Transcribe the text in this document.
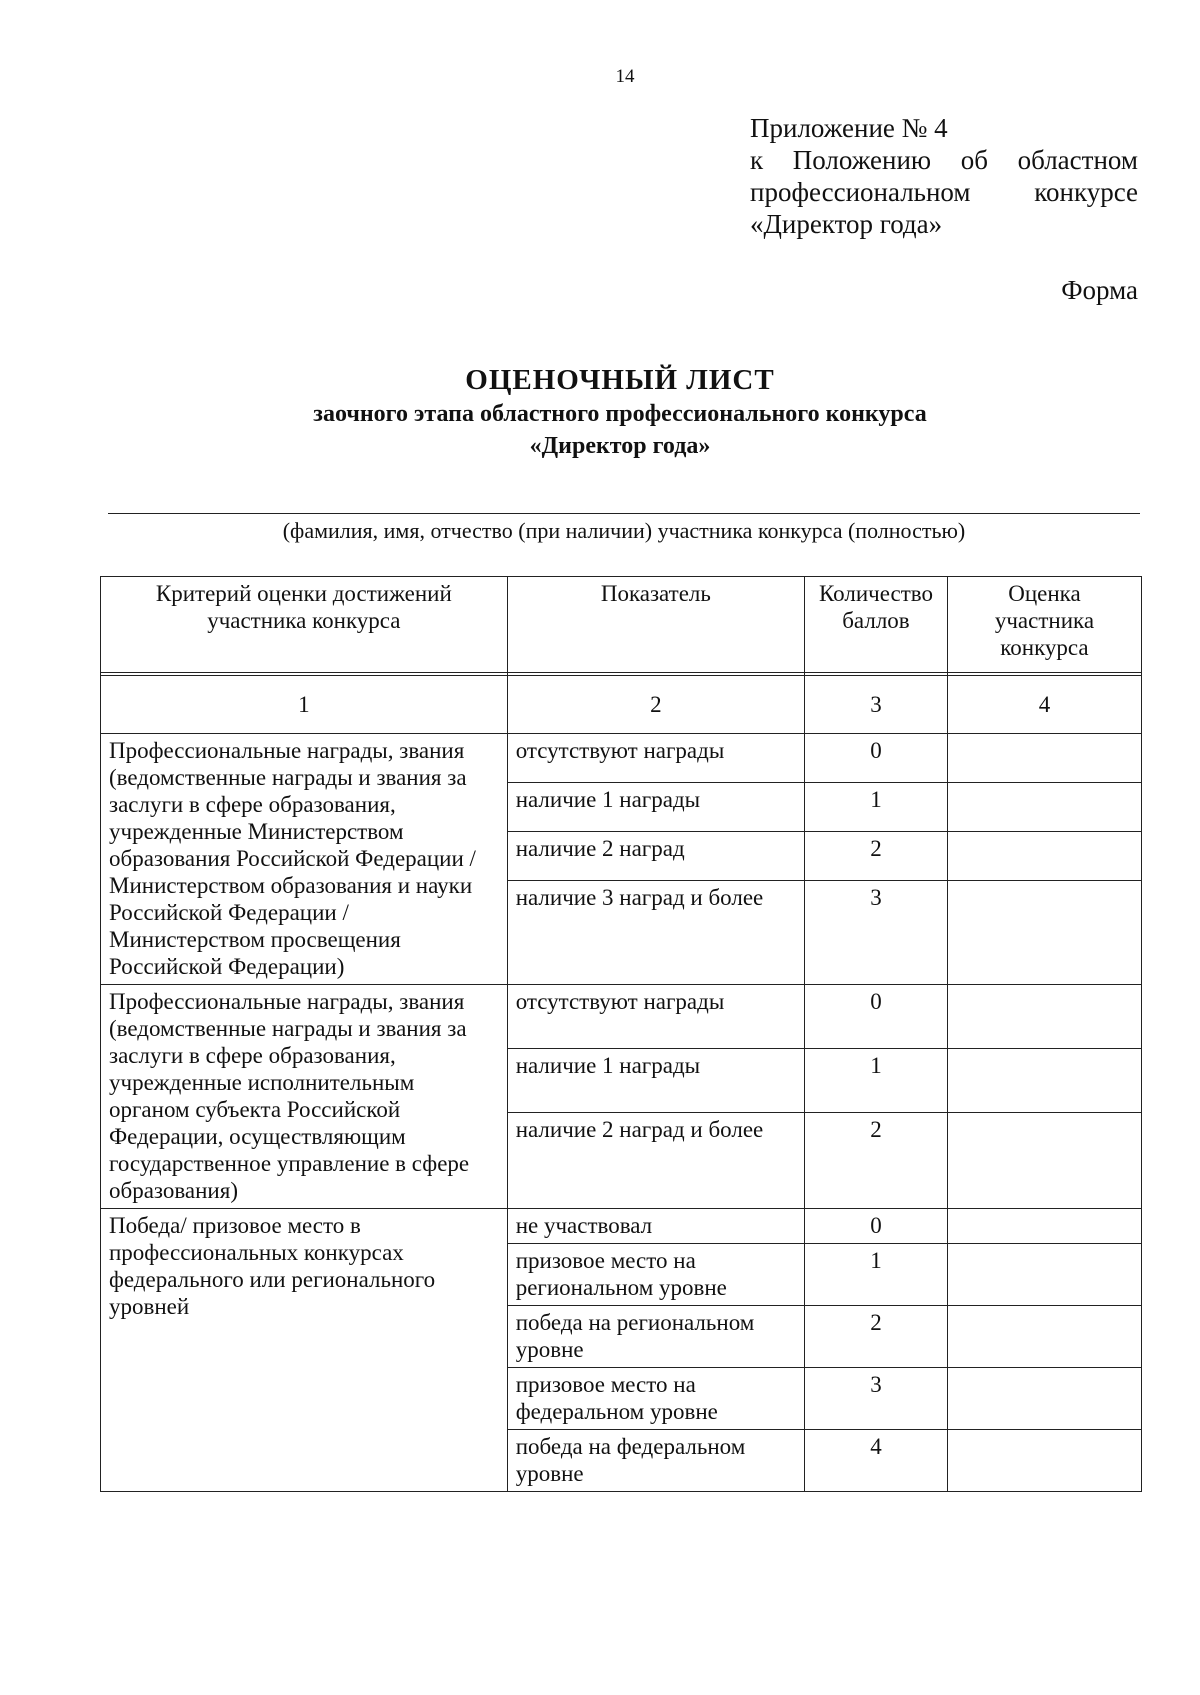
14
Приложение № 4
к Положению об областном
профессиональном конкурсе
«Директор года»
Форма
ОЦЕНОЧНЫЙ ЛИСТ
заочного этапа областного профессионального конкурса
«Директор года»
(фамилия, имя, отчество (при наличии) участника конкурса (полностью)
Критерий оценки достижений участника конкурса	Показатель	Количество баллов	Оценка участника конкурса

1	2	3	4
Профессиональные награды, звания (ведомственные награды и звания за заслуги в сфере образования, учрежденные Министерством образования Российской Федерации / Министерством образования и науки Российской Федерации / Министерством просвещения Российской Федерации)	отсутствуют награды	0	
	наличие 1 награды	1	
	наличие 2 наград	2	
	наличие 3 наград и более	3	
Профессиональные награды, звания (ведомственные награды и звания за заслуги в сфере образования, учрежденные исполнительным органом субъекта Российской Федерации, осуществляющим государственное управление в сфере образования)	отсутствуют награды	0	
	наличие 1 награды	1	
	наличие 2 наград и более	2	
Победа/ призовое место в профессиональных конкурсах федерального или регионального уровней	не участвовал	0	
	призовое место на региональном уровне	1	
	победа на региональном уровне	2	
	призовое место на федеральном уровне	3	
	победа на федеральном уровне	4	
